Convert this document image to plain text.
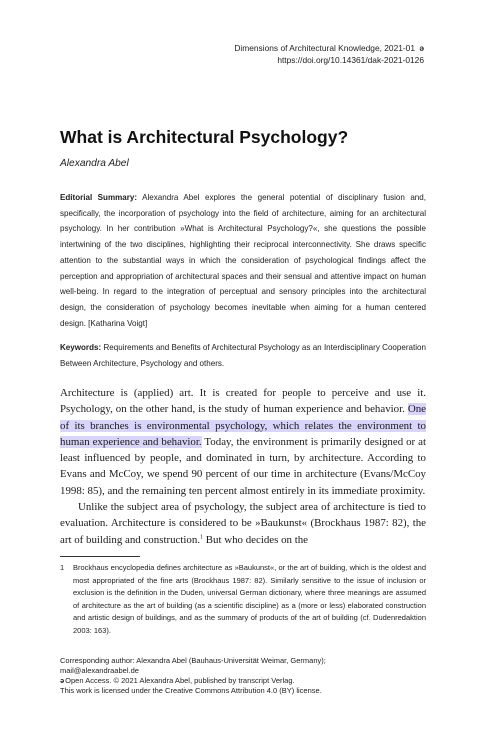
Dimensions of Architectural Knowledge, 2021-01 ə
https://doi.org/10.14361/dak-2021-0126
What is Architectural Psychology?
Alexandra Abel

Editorial Summary: Alexandra Abel explores the general potential of disciplinary fusion and, specifically, the incorporation of psychology into the field of architecture, aiming for an architectural psychology. In her contribution »What is Architectural Psychology?«, she questions the possible intertwining of the two disciplines, highlighting their reciprocal interconnectivity. She draws specific attention to the substantial ways in which the consideration of psychological findings affect the perception and appropriation of architectural spaces and their sensual and attentive impact on human well-being. In regard to the integration of perceptual and sensory principles into the architectural design, the consideration of psychology becomes inevitable when aiming for a human centered design. [Katharina Voigt]

Keywords: Requirements and Benefits of Architectural Psychology as an Interdisciplinary Cooperation Between Architecture, Psychology and others.

Architecture is (applied) art. It is created for people to perceive and use it. Psychology, on the other hand, is the study of human experience and behavior. One of its branches is environmental psychology, which relates the environment to human experience and behavior. Today, the environment is primarily designed or at least influenced by people, and dominated in turn, by architecture. According to Evans and McCoy, we spend 90 percent of our time in architecture (Evans/McCoy 1998: 85), and the remaining ten percent almost entirely in its immediate proximity.

Unlike the subject area of psychology, the subject area of architecture is tied to evaluation. Architecture is considered to be »Baukunst« (Brockhaus 1987: 82), the art of building and construction.$^1$ But who decides on the

1 Brockhaus encyclopedia defines architecture as »Baukunst«, or the art of building, which is the oldest and most appropriated of the fine arts (Brockhaus 1987: 82). Similarly sensitive to the issue of inclusion or exclusion is the definition in the Duden, universal German dictionary, where three meanings are assumed of architecture as the art of building (as a scientific discipline) as a (more or less) elaborated construction and artistic design of buildings, and as the summary of products of the art of building (cf. Dudenredaktion 2003: 163).
Corresponding author: Alexandra Abel (Bauhaus-Universität Weimar, Germany);
mail@alexandraabel.de
əOpen Access. © 2021 Alexandra Abel, published by transcript Verlag.
This work is licensed under the Creative Commons Attribution 4.0 (BY) license.
